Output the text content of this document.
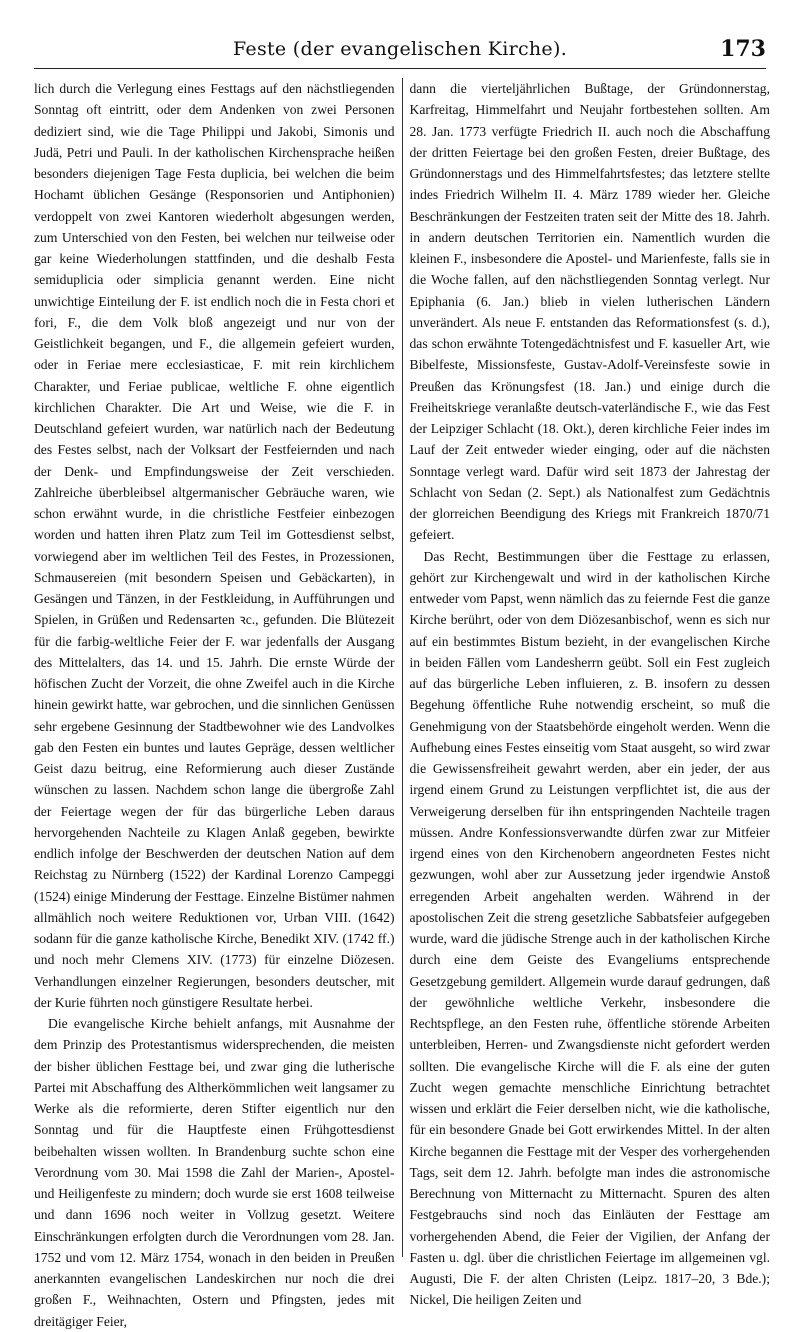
Feste (der evangelischen Kirche).	173

lich durch die Verlegung eines Festtags auf den nächstliegenden Sonntag oft eintritt, oder dem Andenken von zwei Personen dediziert sind, wie die Tage Philippi und Jakobi, Simonis und Judä, Petri und Pauli. In der katholischen Kirchensprache heißen besonders diejenigen Tage Festa duplicia, bei welchen die beim Hochamt üblichen Gesänge (Responsorien und Antiphonien) verdoppelt von zwei Kantoren wiederholt abgesungen werden, zum Unterschied von den Festen, bei welchen nur teilweise oder gar keine Wiederholungen stattfinden, und die deshalb Festa semiduplicia oder simplicia genannt werden. Eine nicht unwichtige Einteilung der F. ist endlich noch die in Festa chori et fori, F., die dem Volk bloß angezeigt und nur von der Geistlichkeit begangen, und F., die allgemein gefeiert wurden, oder in Feriae mere ecclesiasticae, F. mit rein kirchlichem Charakter, und Feriae publicae, weltliche F. ohne eigentlich kirchlichen Charakter. Die Art und Weise, wie die F. in Deutschland gefeiert wurden, war natürlich nach der Bedeutung des Festes selbst, nach der Volksart der Festfeiernden und nach der Denk- und Empfindungsweise der Zeit verschieden. Zahlreiche überbleibsel altgermanischer Gebräuche waren, wie schon erwähnt wurde, in die christliche Festfeier einbezogen worden und hatten ihren Platz zum Teil im Gottesdienst selbst, vorwiegend aber im weltlichen Teil des Festes, in Prozessionen, Schmausereien (mit besondern Speisen und Gebäckarten), in Gesängen und Tänzen, in der Festkleidung, in Aufführungen und Spielen, in Grüßen und Redensarten ꝛc., gefunden. Die Blütezeit für die farbig-weltliche Feier der F. war jedenfalls der Ausgang des Mittelalters, das 14. und 15. Jahrh. Die ernste Würde der höfischen Zucht der Vorzeit, die ohne Zweifel auch in die Kirche hinein gewirkt hatte, war gebrochen, und die sinnlichen Genüssen sehr ergebene Gesinnung der Stadtbewohner wie des Landvolkes gab den Festen ein buntes und lautes Gepräge, dessen weltlicher Geist dazu beitrug, eine Reformierung auch dieser Zustände wünschen zu lassen. Nachdem schon lange die übergroße Zahl der Feiertage wegen der für das bürgerliche Leben daraus hervorgehenden Nachteile zu Klagen Anlaß gegeben, bewirkte endlich infolge der Beschwerden der deutschen Nation auf dem Reichstag zu Nürnberg (1522) der Kardinal Lorenzo Campeggi (1524) einige Minderung der Festtage. Einzelne Bistümer nahmen allmählich noch weitere Reduktionen vor, Urban VIII. (1642) sodann für die ganze katholische Kirche, Benedikt XIV. (1742 ff.) und noch mehr Clemens XIV. (1773) für einzelne Diözesen. Verhandlungen einzelner Regierungen, besonders deutscher, mit der Kurie führten noch günstigere Resultate herbei.

Die evangelische Kirche behielt anfangs, mit Ausnahme der dem Prinzip des Protestantismus widersprechenden, die meisten der bisher üblichen Festtage bei, und zwar ging die lutherische Partei mit Abschaffung des Altherkömmlichen weit langsamer zu Werke als die reformierte, deren Stifter eigentlich nur den Sonntag und für die Hauptfeste einen Frühgottesdienst beibehalten wissen wollten. In Brandenburg suchte schon eine Verordnung vom 30. Mai 1598 die Zahl der Marien-, Apostel- und Heiligenfeste zu mindern; doch wurde sie erst 1608 teilweise und dann 1696 noch weiter in Vollzug gesetzt. Weitere Einschränkungen erfolgten durch die Verordnungen vom 28. Jan. 1752 und vom 12. März 1754, wonach in den beiden in Preußen anerkannten evangelischen Landeskirchen nur noch die drei großen F., Weihnachten, Ostern und Pfingsten, jedes mit dreitägiger Feier,

dann die vierteljährlichen Bußtage, der Gründonnerstag, Karfreitag, Himmelfahrt und Neujahr fortbestehen sollten. Am 28. Jan. 1773 verfügte Friedrich II. auch noch die Abschaffung der dritten Feiertage bei den großen Festen, dreier Bußtage, des Gründonnerstags und des Himmelfahrtsfestes; das letztere stellte indes Friedrich Wilhelm II. 4. März 1789 wieder her. Gleiche Beschränkungen der Festzeiten traten seit der Mitte des 18. Jahrh. in andern deutschen Territorien ein. Namentlich wurden die kleinen F., insbesondere die Apostel- und Marienfeste, falls sie in die Woche fallen, auf den nächstliegenden Sonntag verlegt. Nur Epiphania (6. Jan.) blieb in vielen lutherischen Ländern unverändert. Als neue F. entstanden das Reformationsfest (s. d.), das schon erwähnte Totengedächtnisfest und F. kasueller Art, wie Bibelfeste, Missionsfeste, Gustav-Adolf-Vereinsfeste sowie in Preußen das Krönungsfest (18. Jan.) und einige durch die Freiheitskriege veranlaßte deutsch-vaterländische F., wie das Fest der Leipziger Schlacht (18. Okt.), deren kirchliche Feier indes im Lauf der Zeit entweder wieder einging, oder auf die nächsten Sonntage verlegt ward. Dafür wird seit 1873 der Jahrestag der Schlacht von Sedan (2. Sept.) als Nationalfest zum Gedächtnis der glorreichen Beendigung des Kriegs mit Frankreich 1870/71 gefeiert.

Das Recht, Bestimmungen über die Festtage zu erlassen, gehört zur Kirchengewalt und wird in der katholischen Kirche entweder vom Papst, wenn nämlich das zu feiernde Fest die ganze Kirche berührt, oder von dem Diözesanbischof, wenn es sich nur auf ein bestimmtes Bistum bezieht, in der evangelischen Kirche in beiden Fällen vom Landesherrn geübt. Soll ein Fest zugleich auf das bürgerliche Leben influieren, z. B. insofern zu dessen Begehung öffentliche Ruhe notwendig erscheint, so muß die Genehmigung von der Staatsbehörde eingeholt werden. Wenn die Aufhebung eines Festes einseitig vom Staat ausgeht, so wird zwar die Gewissensfreiheit gewahrt werden, aber ein jeder, der aus irgend einem Grund zu Leistungen verpflichtet ist, die aus der Verweigerung derselben für ihn entspringenden Nachteile tragen müssen. Andre Konfessionsverwandte dürfen zwar zur Mitfeier irgend eines von den Kirchenobern angeordneten Festes nicht gezwungen, wohl aber zur Aussetzung jeder irgendwie Anstoß erregenden Arbeit angehalten werden. Während in der apostolischen Zeit die streng gesetzliche Sabbatsfeier aufgegeben wurde, ward die jüdische Strenge auch in der katholischen Kirche durch eine dem Geiste des Evangeliums entsprechende Gesetzgebung gemildert. Allgemein wurde darauf gedrungen, daß der gewöhnliche weltliche Verkehr, insbesondere die Rechtspflege, an den Festen ruhe, öffentliche störende Arbeiten unterbleiben, Herren- und Zwangsdienste nicht gefordert werden sollten. Die evangelische Kirche will die F. als eine der guten Zucht wegen gemachte menschliche Einrichtung betrachtet wissen und erklärt die Feier derselben nicht, wie die katholische, für ein besondere Gnade bei Gott erwirkendes Mittel. In der alten Kirche begannen die Festtage mit der Vesper des vorhergehenden Tags, seit dem 12. Jahrh. befolgte man indes die astronomische Berechnung von Mitternacht zu Mitternacht. Spuren des alten Festgebrauchs sind noch das Einläuten der Festtage am vorhergehenden Abend, die Feier der Vigilien, der Anfang der Fasten u. dgl. über die christlichen Feiertage im allgemeinen vgl. Augusti, Die F. der alten Christen (Leipz. 1817–20, 3 Bde.); Nickel, Die heiligen Zeiten und
